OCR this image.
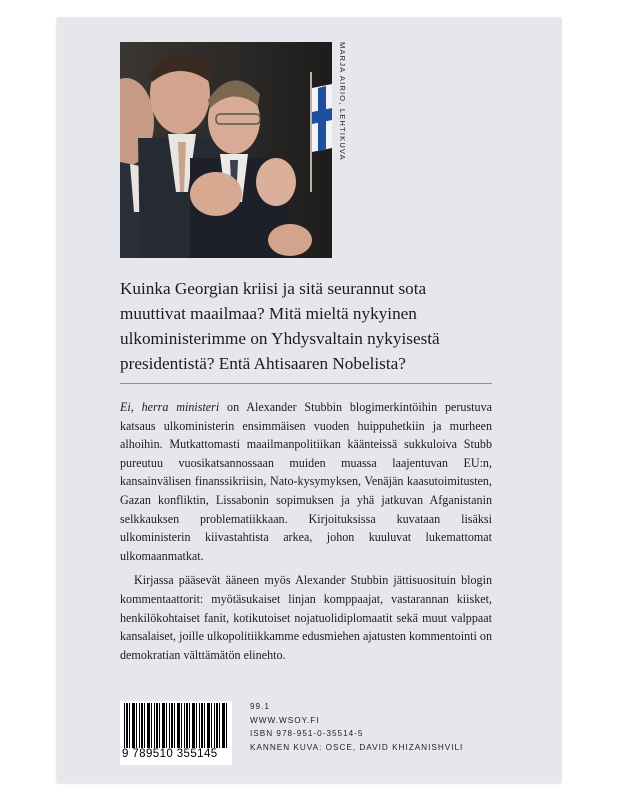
MARJA AIRIO, LEHTIKUVA
Kuinka Georgian kriisi ja sitä seurannut sota
muuttivat maailmaa? Mitä mieltä nykyinen
ulkoministerimme on Yhdysvaltain nykyisestä
presidentistä? Entä Ahtisaaren Nobelista?

Ei, herra ministeri on Alexander Stubbin blogimerkintöihin perustuva katsaus ulkoministerin ensimmäisen vuoden huippuhetkiin ja murheen alhoihin. Mutkattomasti maailmanpolitiikan käänteissä sukkuloiva Stubb pureutuu vuosikatsannossaan muiden muassa laajentuvan EU:n, kansainvälisen finanssikriisin, Nato-kysymyksen, Venäjän kaasutoimitusten, Gazan konfliktin, Lissabonin sopimuksen ja yhä jatkuvan Afganistanin selkkauksen problematiikkaan. Kirjoituksissa kuvataan lisäksi ulkoministerin kiivastahtista arkea, johon kuuluvat lukemattomat ulkomaanmatkat.

Kirjassa pääsevät ääneen myös Alexander Stubbin jättisuosituin blogin kommentaattorit: myötäsukaiset linjan komppaajat, vastarannan kiisket, henkilökohtaiset fanit, kotikutoiset nojatuolidiplomaatit sekä muut valppaat kansalaiset, joille ulkopolitiikkamme edusmiehen ajatusten kommentointi on demokratian välttämätön elinehto.

9 789510 355145
99.1
WWW.WSOY.FI
ISBN 978-951-0-35514-5
KANNEN KUVA: OSCE, DAVID KHIZANISHVILI
